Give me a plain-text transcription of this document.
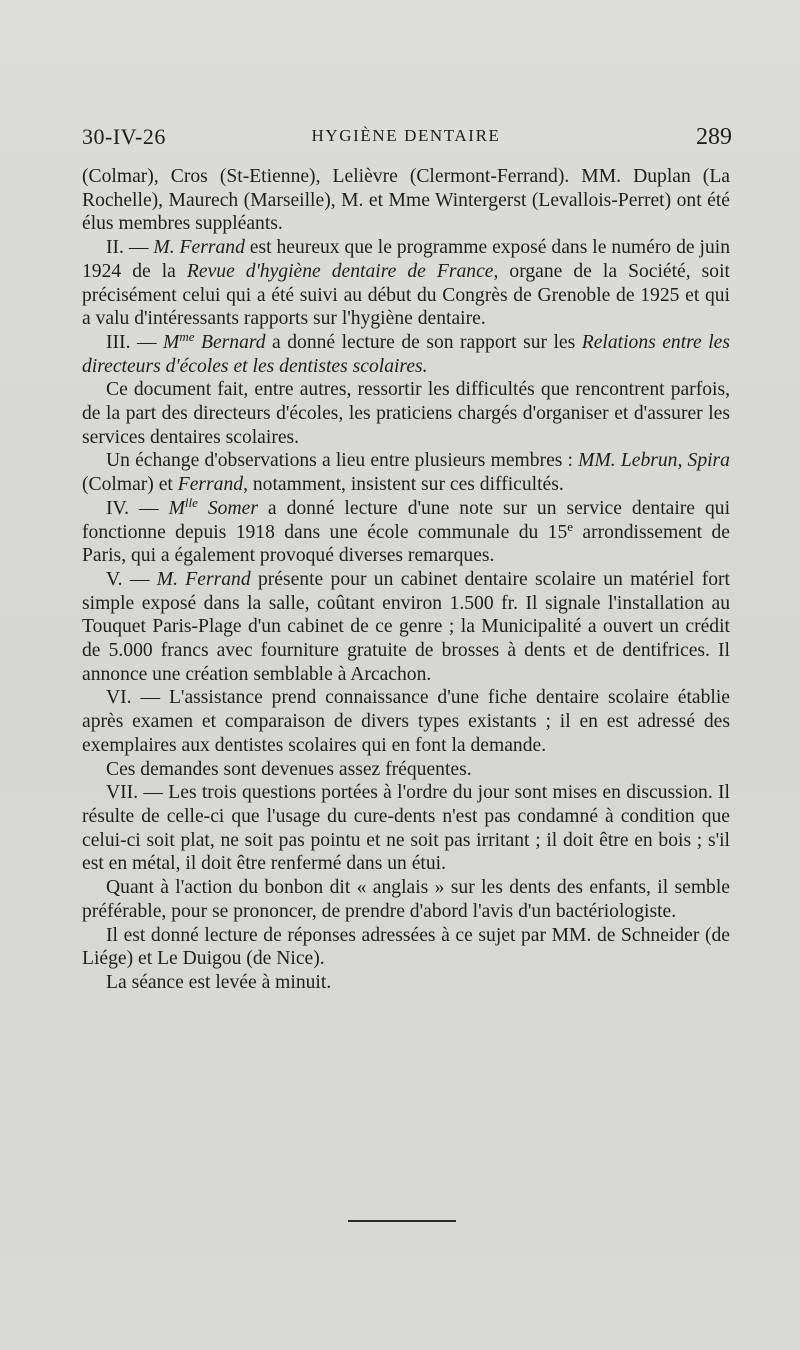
30-IV-26	HYGIÈNE DENTAIRE	289

(Colmar), Cros (St-Etienne), Lelièvre (Clermont-Ferrand). MM. Duplan (La Rochelle), Maurech (Marseille), M. et Mme Wintergerst (Levallois-Perret) ont été élus membres suppléants.

II. — M. Ferrand est heureux que le programme exposé dans le numéro de juin 1924 de la Revue d'hygiène dentaire de France, organe de la Société, soit précisément celui qui a été suivi au début du Congrès de Grenoble de 1925 et qui a valu d'intéressants rapports sur l'hygiène dentaire.

III. — $M^{me}$ Bernard a donné lecture de son rapport sur les Relations entre les directeurs d'écoles et les dentistes scolaires.

Ce document fait, entre autres, ressortir les difficultés que rencontrent parfois, de la part des directeurs d'écoles, les praticiens chargés d'organiser et d'assurer les services dentaires scolaires.

Un échange d'observations a lieu entre plusieurs membres : MM. Lebrun, Spira (Colmar) et Ferrand, notamment, insistent sur ces difficultés.

IV. — $M^{lle}$ Somer a donné lecture d'une note sur un service dentaire qui fonctionne depuis 1918 dans une école communale du 15e arrondissement de Paris, qui a également provoqué diverses remarques.

V. — M. Ferrand présente pour un cabinet dentaire scolaire un matériel fort simple exposé dans la salle, coûtant environ 1.500 fr. Il signale l'installation au Touquet Paris-Plage d'un cabinet de ce genre ; la Municipalité a ouvert un crédit de 5.000 francs avec fourniture gratuite de brosses à dents et de dentifrices. Il annonce une création semblable à Arcachon.

VI. — L'assistance prend connaissance d'une fiche dentaire scolaire établie après examen et comparaison de divers types existants ; il en est adressé des exemplaires aux dentistes scolaires qui en font la demande.

Ces demandes sont devenues assez fréquentes.

VII. — Les trois questions portées à l'ordre du jour sont mises en discussion. Il résulte de celle-ci que l'usage du cure-dents n'est pas condamné à condition que celui-ci soit plat, ne soit pas pointu et ne soit pas irritant ; il doit être en bois ; s'il est en métal, il doit être renfermé dans un étui.

Quant à l'action du bonbon dit « anglais » sur les dents des enfants, il semble préférable, pour se prononcer, de prendre d'abord l'avis d'un bactériologiste.

Il est donné lecture de réponses adressées à ce sujet par MM. de Schneider (de Liége) et Le Duigou (de Nice).

La séance est levée à minuit.
